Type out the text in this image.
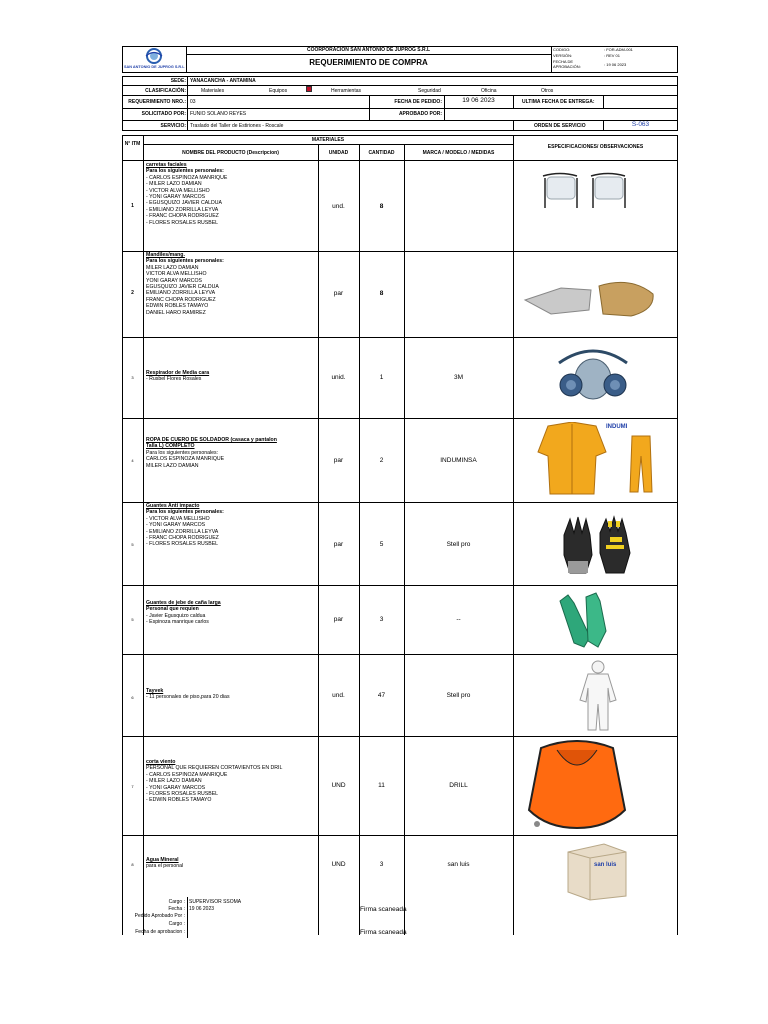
SAN ANTONIO DE JUPROG S.R.L
COORPORACIÓN SAN ANTONIO DE JUPROG S.R.L
REQUERIMIENTO DE COMPRA
CODIGO:	: FOR-ADM-001
VERSIÓN:	: REV 01
FECHA DE APROBACIÓN:	: 19 06 2023
SEDE: YANACANCHA - ANTAMINA
CLASIFICACIÓN:	Materiales	Equipos	Herramientas	Seguridad	Oficina	Otros
REQUERIMIENTO NRO.: 03	FECHA DE PEDIDO:	19 06 2023	ULTIMA FECHA DE ENTREGA:
SOLICITADO POR: FUNIO SOLANO REYES	APROBADO POR:
SERVICIO: Traslado del Taller de Estiriones - Roscale	ORDEN DE SERVICIO	S-063
MATERIALES
N° ITM
NOMBRE DEL PRODUCTO (Descripcion)	UNIDAD	CANTIDAD	MARCA / MODELO / MEDIDAS
ESPECIFICACIONES/ OBSERVACIONES
1
carretas faciales
Para los siguientes personales:
- CARLOS ESPINOZA MANRIQUE
- MILER LAZO DAMIAN
- VICTOR ALVA MELLISHO
- YONI GARAY MARCOS
- EGUSQUIZO JAVIER CALDUA
- EMILIANO ZORRILLA LEYVA
- FRANC CHOPA RODRIGUEZ
- FLORES ROSALES RUSBEL
und.	8
2
Mandiles/mang.
Para los siguientes personales:
MILER LAZO DAMIAN
VICTOR ALVA MELLISHO
YONI GARAY MARCOS
EGUSQUIZO JAVIER CALDUA
EMILIANO ZORRILLA LEYVA
FRANC CHOPA RODRIGUEZ
EDWIN ROBLES TAMAYO
DANIEL HARO RAMIREZ
par	8
3
Respirador de Media cara
- Rusbel Flores Rosales	unid.	1	3M
4
ROPA DE CUERO DE SOLDADOR (casaca y pantalon Talla L) COMPLETO
Para los siguientes personales:
CARLOS ESPINOZA MANRIQUE
MILER LAZO DAMIAN
par	2	INDUMINSA
INDUMI
5
Guantes Anti impacto
Para los siguientes personales:
- VICTOR ALVA MELLISHO
- YONI GARAY MARCOS
- EMILIANO ZORRILLA LEYVA
- FRANC CHOPA RODRIGUEZ
- FLORES ROSALES RUSBEL	par	5	Stell pro
5
Guantes de jebe de caña larga
Personal que requien
- Javier Egusquizo caldua
- Espinoza manrique carlos	par	3	--
6
Tayvek
- 11 personales de piso,para 20 dias	und.	47	Stell pro
7
corta viento
PERSONAL QUE REQUIEREN CORTAVIENTOS EN DRIL
- CARLOS ESPINOZA MANRIQUE
- MILER LAZO DAMIAN
- YONI GARAY MARCOS
- FLORES ROSALES RUSBEL
- EDWIN ROBLES TAMAYO
UND	11	DRILL
8
Agua Mineral
para el personal	UND	3	san luis	san luis
Cargo : SUPERVISOR SSOMA
Fecha : 19 06 2023
Pedido Aprobado Por :
Cargo :
Fecha de aprobacion :
Firma scaneada
Firma scaneada
